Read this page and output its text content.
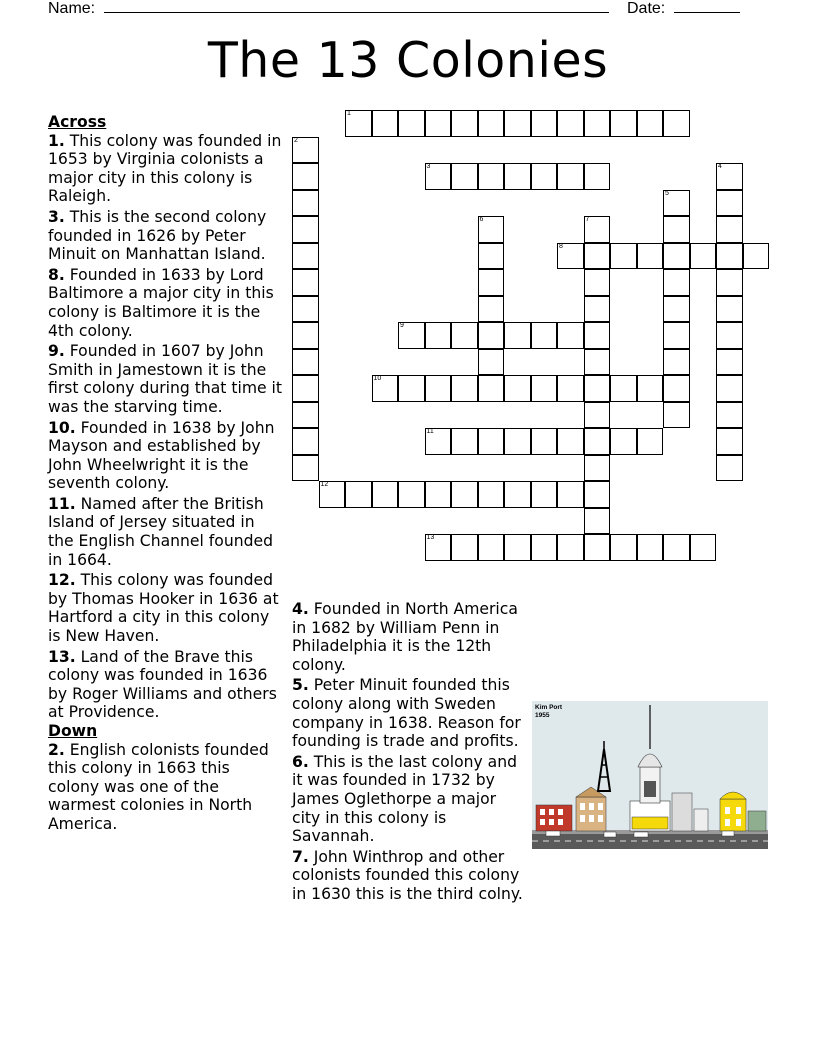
Name:	Date:
The 13 Colonies
Across
1. This colony was founded in 1653 by Virginia colonists a major city in this colony is Raleigh.
3. This is the second colony founded in 1626 by Peter Minuit on Manhattan Island.
8. Founded in 1633 by Lord Baltimore a major city in this colony is Baltimore it is the 4th colony.
9. Founded in 1607 by John Smith in Jamestown it is the first colony during that time it was the starving time.
10. Founded in 1638 by John Mayson and established by John Wheelwright it is the seventh colony.
11. Named after the British Island of Jersey situated in the English Channel founded in 1664.
12. This colony was founded by Thomas Hooker in 1636 at Hartford a city in this colony is New Haven.
13. Land of the Brave this colony was founded in 1636 by Roger Williams and others at Providence.
Down
2. English colonists founded this colony in 1663 this colony was one of the warmest colonies in North America.
4. Founded in North America in 1682 by William Penn in Philadelphia it is the 12th colony.
5. Peter Minuit founded this colony along with Sweden company in 1638. Reason for founding is trade and profits.
6. This is the last colony and it was founded in 1732 by James Oglethorpe a major city in this colony is Savannah.
7. John Winthrop and other colonists founded this colony in 1630 this is the third colny.
1
2
3	4
5
6	7
8
9
10
11
12
13
Kim Port
1955
